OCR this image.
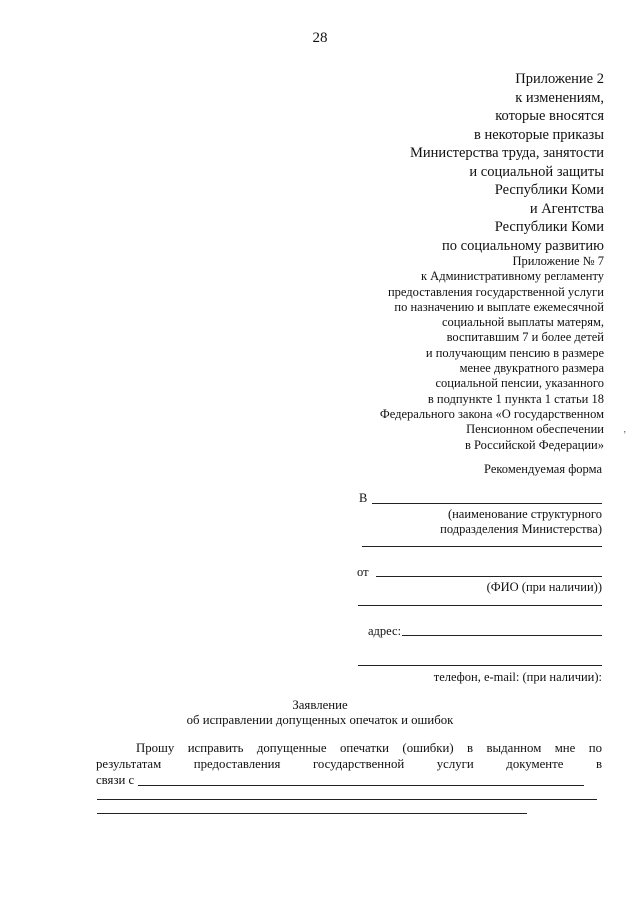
28
Приложение 2
к изменениям,
которые вносятся
в некоторые приказы
Министерства труда, занятости
и социальной защиты
Республики Коми
и Агентства
Республики Коми
по социальному развитию
Приложение № 7
к Административному регламенту
предоставления государственной услуги
по назначению и выплате ежемесячной
социальной выплаты матерям,
воспитавшим 7 и более детей
и получающим пенсию в размере
менее двукратного размера
социальной пенсии, указанного
в подпункте 1 пункта 1 статьи 18
Федерального закона «О государственном
Пенсионном обеспечении
в Российской Федерации»
,
Рекомендуемая форма
В
(наименование структурного
подразделения Министерства)
от
(ФИО (при наличии))
адрес:
телефон, e-mail: (при наличии):
Заявление
об исправлении допущенных опечаток и ошибок
Прошу исправить допущенные опечатки (ошибки) в выданном мне по
результатам предоставления государственной услуги документе в
связи с
